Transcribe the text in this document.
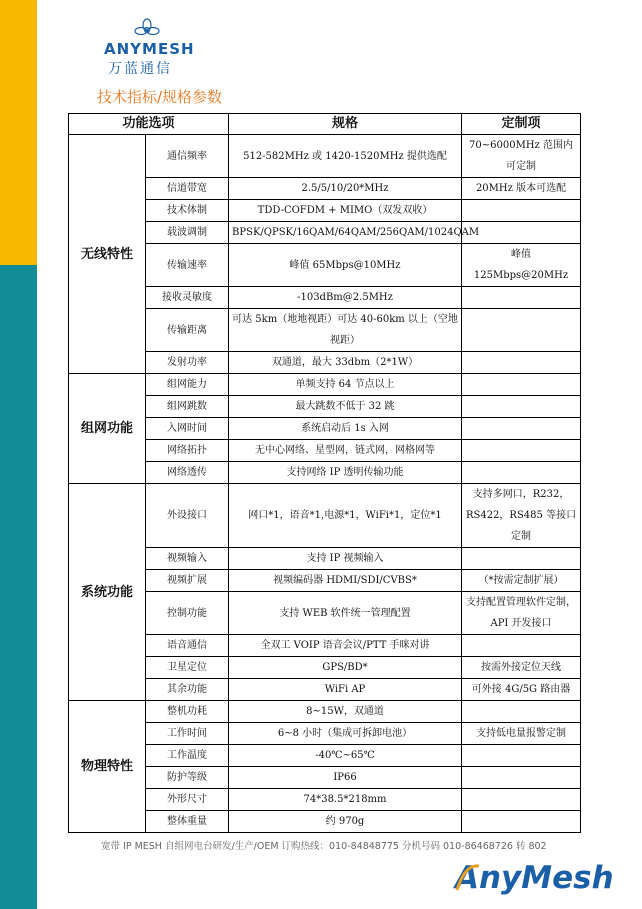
ANYMESH
万蓝通信
技术指标/规格参数
功能选项		规格	定制项
无线特性	通信频率	512-582MHz 或 1420-1520MHz 提供选配	70~6000MHz 范围内可定制
	信道带宽	2.5/5/10/20*MHz	20MHz 版本可选配
	技术体制	TDD-COFDM + MIMO（双发双收）	
	载波调制	BPSK/QPSK/16QAM/64QAM/256QAM/1024QAM	
	传输速率	峰值 65Mbps@10MHz	峰值 125Mbps@20MHz
	接收灵敏度	-103dBm@2.5MHz	
	传输距离	可达 5km（地地视距）可达 40-60km 以上（空地视距）	
	发射功率	双通道，最大 33dbm（2*1W）	
组网功能	组网能力	单频支持 64 节点以上	
	组网跳数	最大跳数不低于 32 跳	
	入网时间	系统启动后 1s 入网	
	网络拓扑	无中心网络、星型网，链式网，网格网等	
	网络透传	支持网络 IP 透明传输功能	
系统功能	外设接口	网口*1，语音*1,电源*1，WiFi*1，定位*1	支持多网口，R232，RS422，RS485 等接口定制
	视频输入	支持 IP 视频输入	
	视频扩展	视频编码器 HDMI/SDI/CVBS*	（*按需定制扩展）
	控制功能	支持 WEB 软件统一管理配置	支持配置管理软件定制，API 开发接口
	语音通信	全双工 VOIP 语音会议/PTT 手咪对讲	
	卫星定位	GPS/BD*	按需外接定位天线
	其余功能	WiFi AP	可外接 4G/5G 路由器
物理特性	整机功耗	8~15W，双通道	
	工作时间	6~8 小时（集成可拆卸电池）	支持低电量报警定制
	工作温度	-40℃~65℃	
	防护等级	IP66	
	外形尺寸	74*38.5*218mm	
	整体重量	约 970g	
宽带 IP MESH 自组网电台研发/生产/OEM 订购热线：010-84848775 分机号码 010-86468726 转 802
AnyMesh
